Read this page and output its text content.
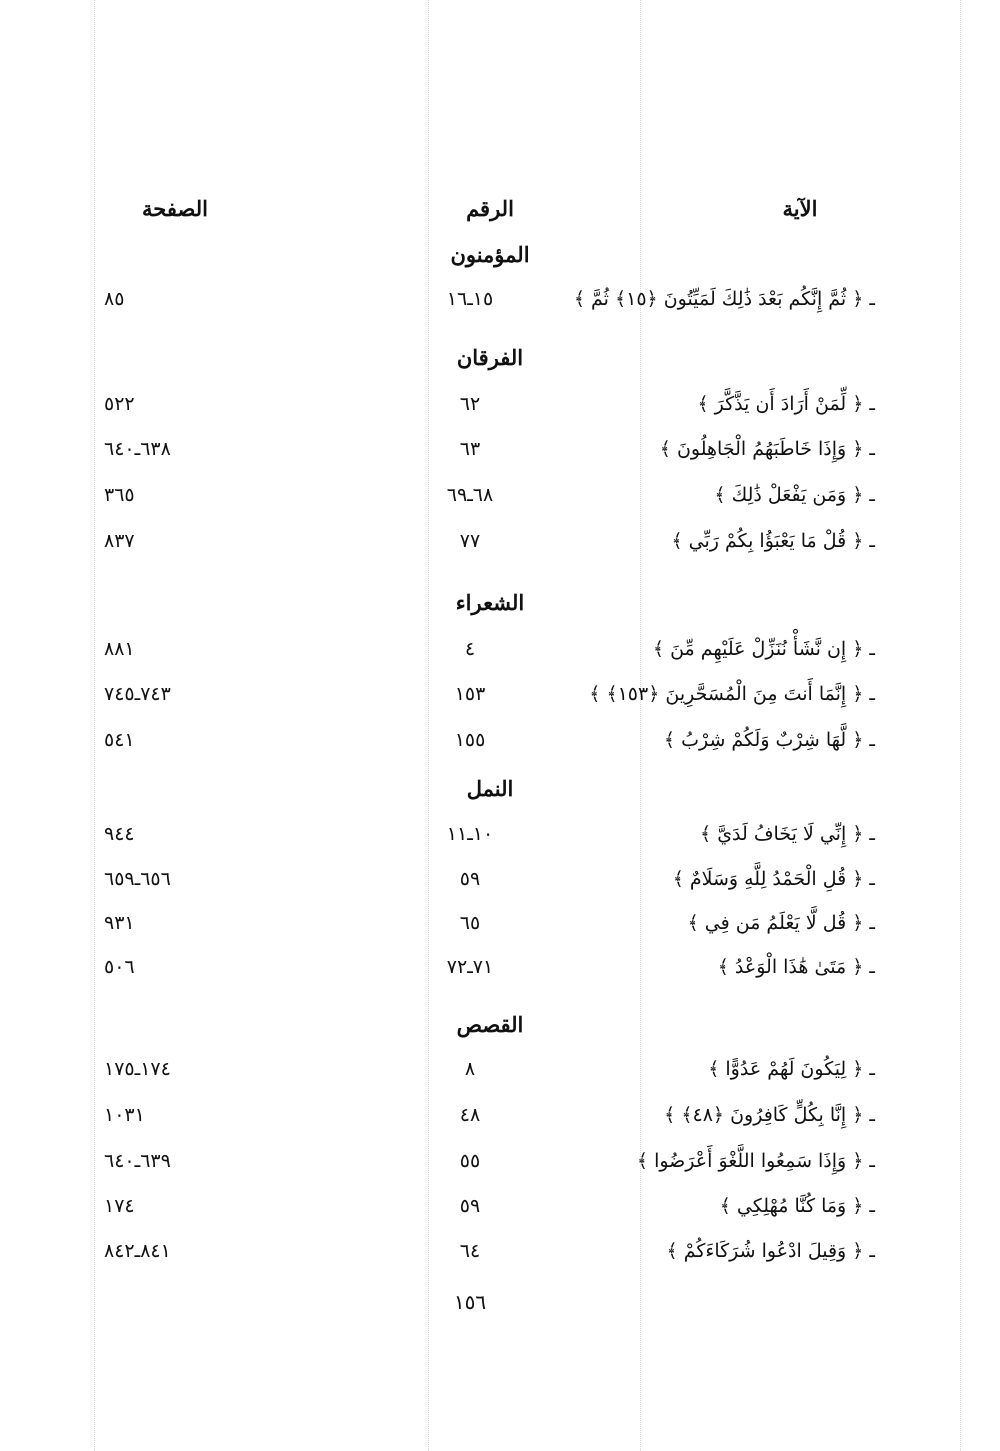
الآية
الرقم
الصفحة
المؤمنون
ـ ﴿ ثُمَّ إِنَّكُم بَعْدَ ذَٰلِكَ لَمَيِّتُونَ ﴿١٥﴾ ثُمَّ ﴾
١٥ـ١٦
٨٥
الفرقان
ـ ﴿ لِّمَنْ أَرَادَ أَن يَذَّكَّرَ ﴾
٦٢
٥٢٢
ـ ﴿ وَإِذَا خَاطَبَهُمُ الْجَاهِلُونَ ﴾
٦٣
٦٣٨ـ٦٤٠
ـ ﴿ وَمَن يَفْعَلْ ذَٰلِكَ ﴾
٦٨ـ٦٩
٣٦٥
ـ ﴿ قُلْ مَا يَعْبَؤُا بِكُمْ رَبِّي ﴾
٧٧
٨٣٧
الشعراء
ـ ﴿ إِن نَّشَأْ نُنَزِّلْ عَلَيْهِم مِّنَ ﴾
٤
٨٨١
ـ ﴿ إِنَّمَا أَنتَ مِنَ الْمُسَحَّرِينَ ﴿١٥٣﴾ ﴾
١٥٣
٧٤٣ـ٧٤٥
ـ ﴿ لَّهَا شِرْبٌ وَلَكُمْ شِرْبُ ﴾
١٥٥
٥٤١
النمل
ـ ﴿ إِنِّي لَا يَخَافُ لَدَيَّ ﴾
١٠ـ١١
٩٤٤
ـ ﴿ قُلِ الْحَمْدُ لِلَّهِ وَسَلَامٌ ﴾
٥٩
٦٥٦ـ٦٥٩
ـ ﴿ قُل لَّا يَعْلَمُ مَن فِي ﴾
٦٥
٩٣١
ـ ﴿ مَتَىٰ هَٰذَا الْوَعْدُ ﴾
٧١ـ٧٢
٥٠٦
القصص
ـ ﴿ لِيَكُونَ لَهُمْ عَدُوًّا ﴾
٨
١٧٤ـ١٧٥
ـ ﴿ إِنَّا بِكُلٍّ كَافِرُونَ ﴿٤٨﴾ ﴾
٤٨
١٠٣١
ـ ﴿ وَإِذَا سَمِعُوا اللَّغْوَ أَعْرَضُوا ﴾
٥٥
٦٣٩ـ٦٤٠
ـ ﴿ وَمَا كُنَّا مُهْلِكِي ﴾
٥٩
١٧٤
ـ ﴿ وَقِيلَ ادْعُوا شُرَكَاءَكُمْ ﴾
٦٤
٨٤١ـ٨٤٢
١٥٦
